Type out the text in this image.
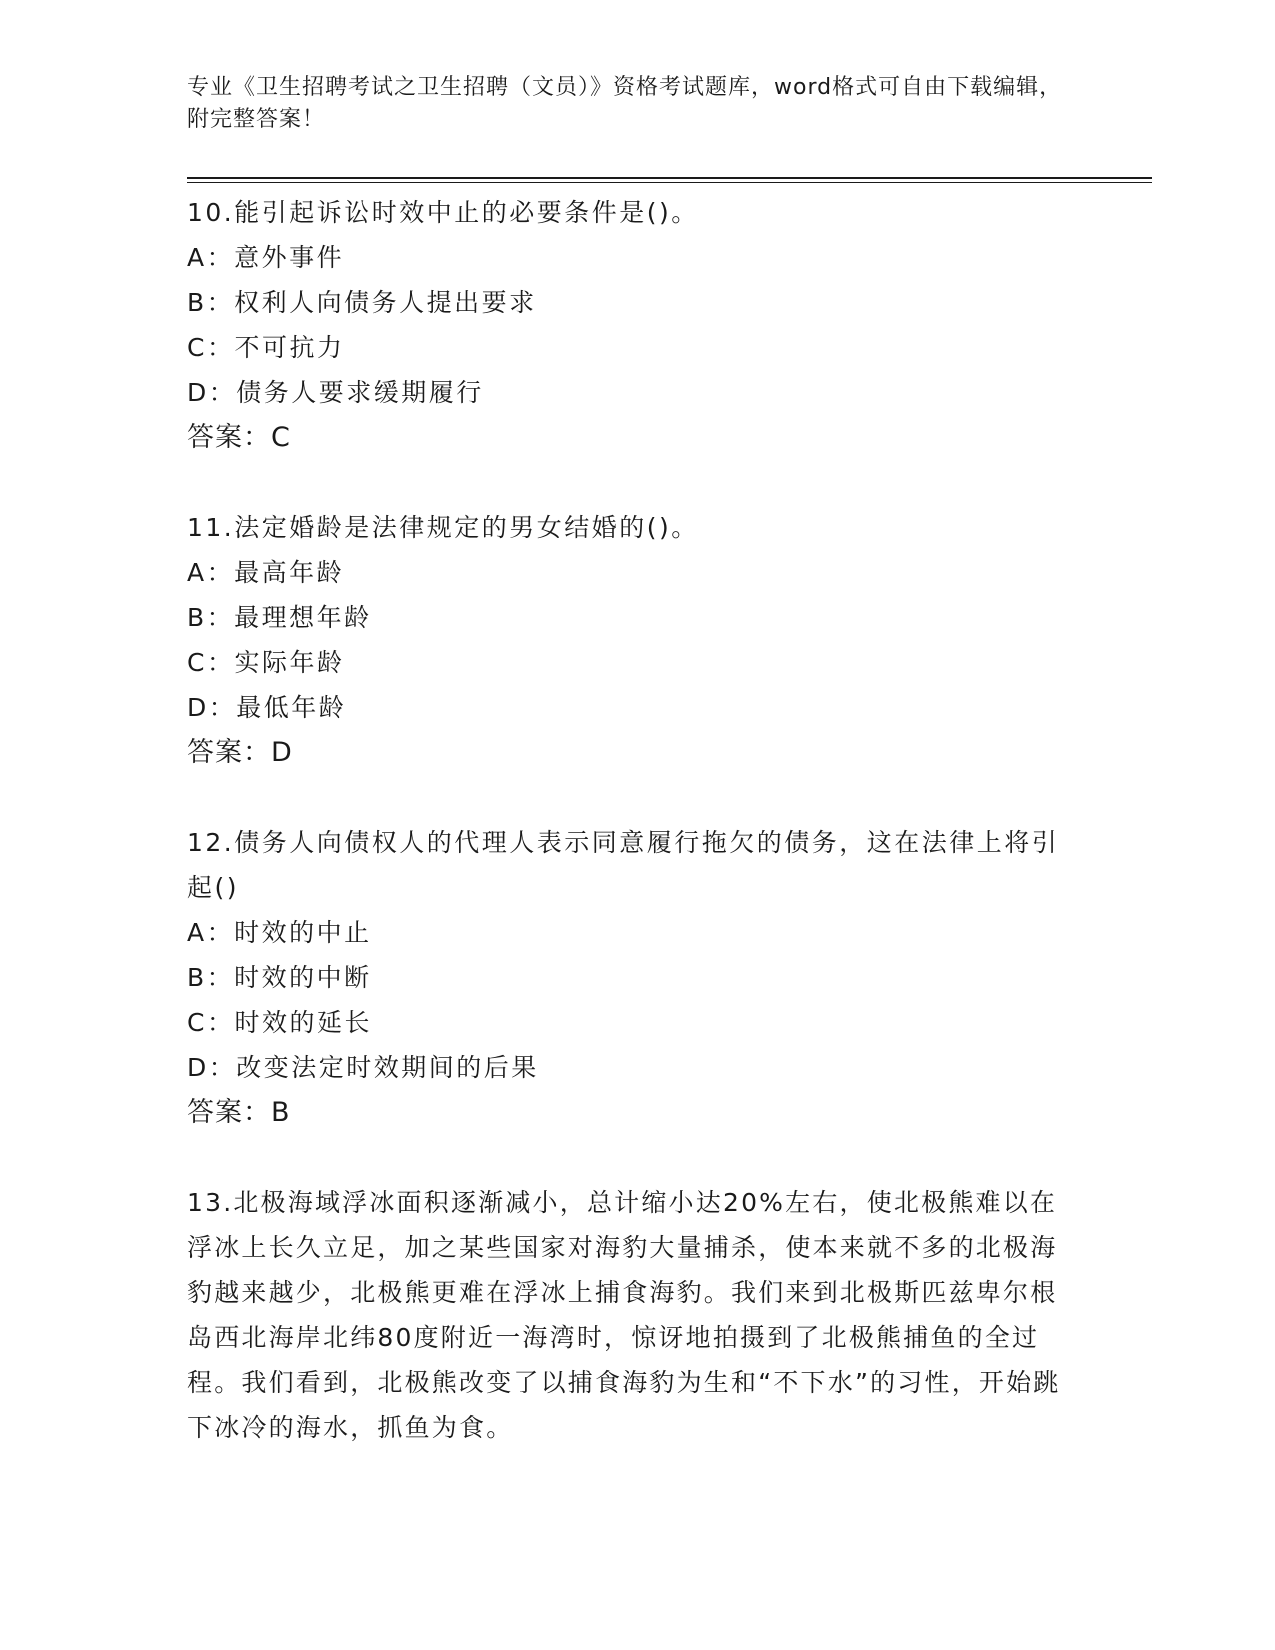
专业《卫生招聘考试之卫生招聘（文员）》资格考试题库，word格式可自由下载编辑，附完整答案！

10.能引起诉讼时效中止的必要条件是()。

A：意外事件

B：权利人向债务人提出要求

C：不可抗力

D：债务人要求缓期履行

答案：C

11.法定婚龄是法律规定的男女结婚的()。

A：最高年龄

B：最理想年龄

C：实际年龄

D：最低年龄

答案：D

12.债务人向债权人的代理人表示同意履行拖欠的债务，这在法律上将引起()

A：时效的中止

B：时效的中断

C：时效的延长

D：改变法定时效期间的后果

答案：B

13.北极海域浮冰面积逐渐减小，总计缩小达20%左右，使北极熊难以在浮冰上长久立足，加之某些国家对海豹大量捕杀，使本来就不多的北极海豹越来越少，北极熊更难在浮冰上捕食海豹。我们来到北极斯匹兹卑尔根岛西北海岸北纬80度附近一海湾时，惊讶地拍摄到了北极熊捕鱼的全过程。我们看到，北极熊改变了以捕食海豹为生和“不下水”的习性，开始跳下冰冷的海水，抓鱼为食。
